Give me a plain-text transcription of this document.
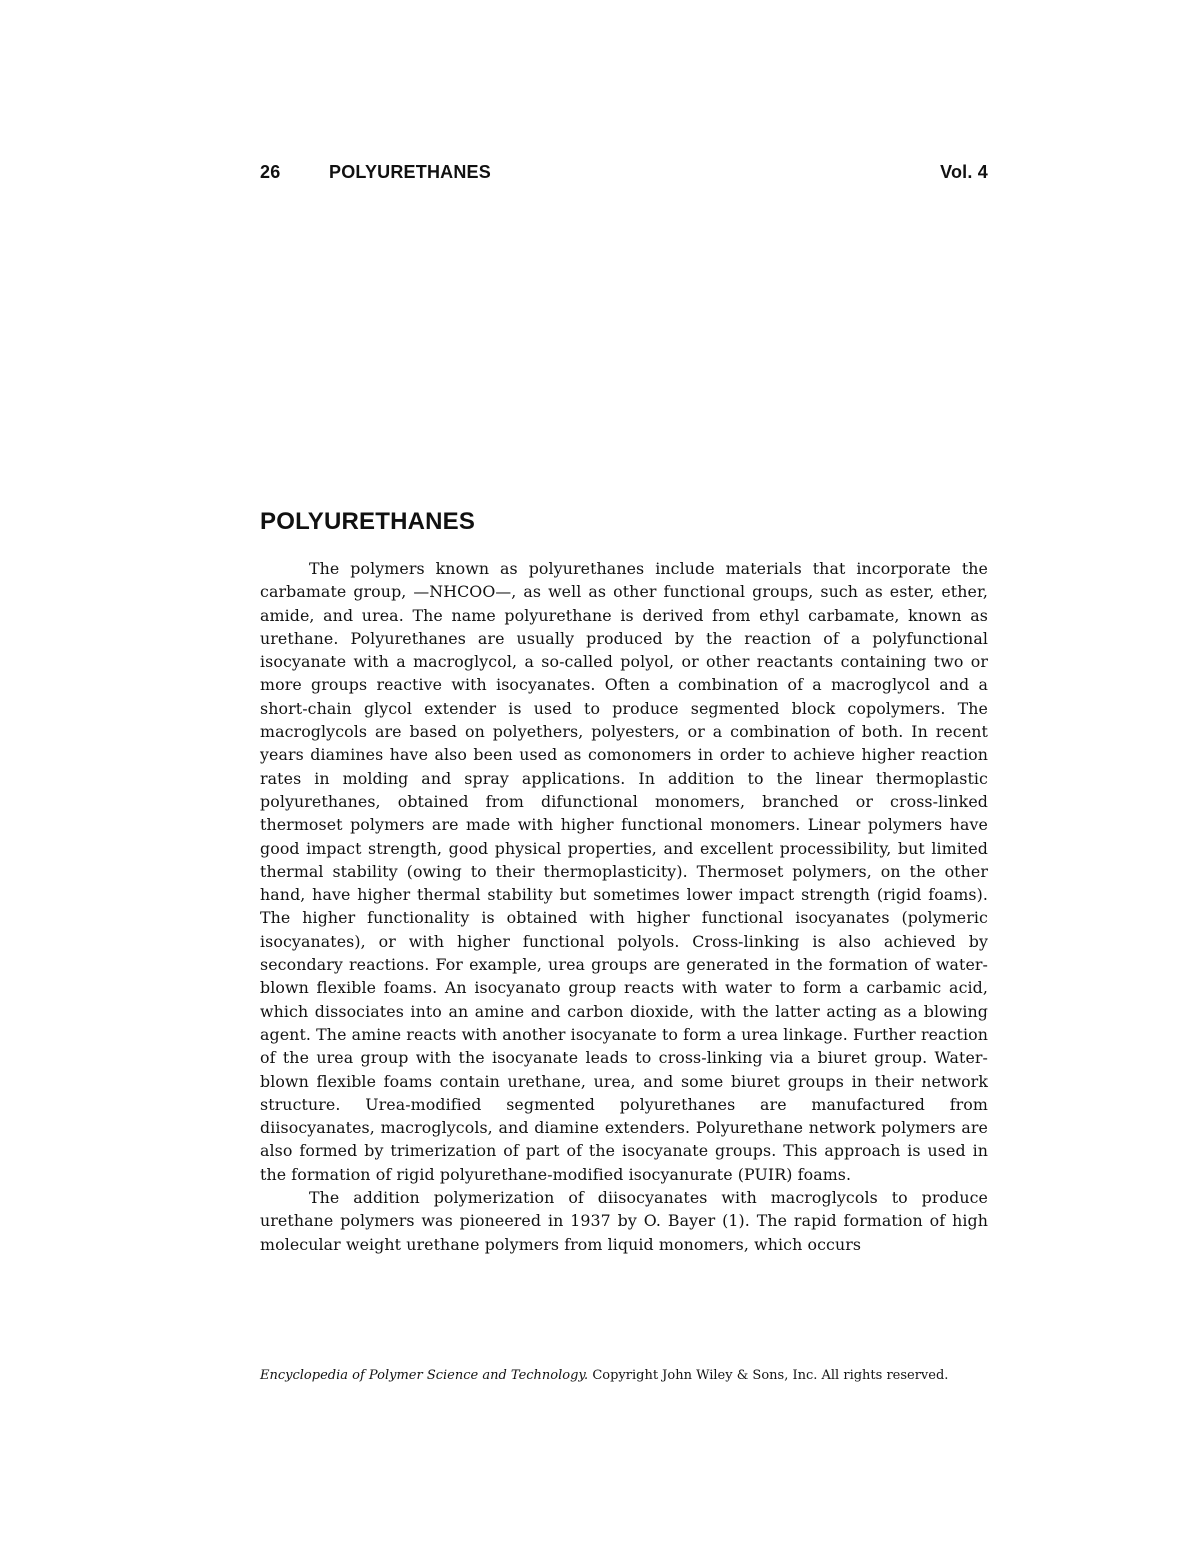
26	POLYURETHANES	Vol. 4
POLYURETHANES

The polymers known as polyurethanes include materials that incorporate the carbamate group, —NHCOO—, as well as other functional groups, such as ester, ether, amide, and urea. The name polyurethane is derived from ethyl carbamate, known as urethane. Polyurethanes are usually produced by the reaction of a polyfunctional isocyanate with a macroglycol, a so-called polyol, or other reactants containing two or more groups reactive with isocyanates. Often a combination of a macroglycol and a short-chain glycol extender is used to produce segmented block copolymers. The macroglycols are based on polyethers, polyesters, or a combination of both. In recent years diamines have also been used as comonomers in order to achieve higher reaction rates in molding and spray applications. In addition to the linear thermoplastic polyurethanes, obtained from difunctional monomers, branched or cross-linked thermoset polymers are made with higher functional monomers. Linear polymers have good impact strength, good physical properties, and excellent processibility, but limited thermal stability (owing to their thermoplasticity). Thermoset polymers, on the other hand, have higher thermal stability but sometimes lower impact strength (rigid foams). The higher functionality is obtained with higher functional isocyanates (polymeric isocyanates), or with higher functional polyols. Cross-linking is also achieved by secondary reactions. For example, urea groups are generated in the formation of water-blown flexible foams. An isocyanato group reacts with water to form a carbamic acid, which dissociates into an amine and carbon dioxide, with the latter acting as a blowing agent. The amine reacts with another isocyanate to form a urea linkage. Further reaction of the urea group with the isocyanate leads to cross-linking via a biuret group. Water-blown flexible foams contain urethane, urea, and some biuret groups in their network structure. Urea-modified segmented polyurethanes are manufactured from diisocyanates, macroglycols, and diamine extenders. Polyurethane network polymers are also formed by trimerization of part of the isocyanate groups. This approach is used in the formation of rigid polyurethane-modified isocyanurate (PUIR) foams.

The addition polymerization of diisocyanates with macroglycols to produce urethane polymers was pioneered in 1937 by O. Bayer (1). The rapid formation of high molecular weight urethane polymers from liquid monomers, which occurs

Encyclopedia of Polymer Science and Technology. Copyright John Wiley & Sons, Inc. All rights reserved.
